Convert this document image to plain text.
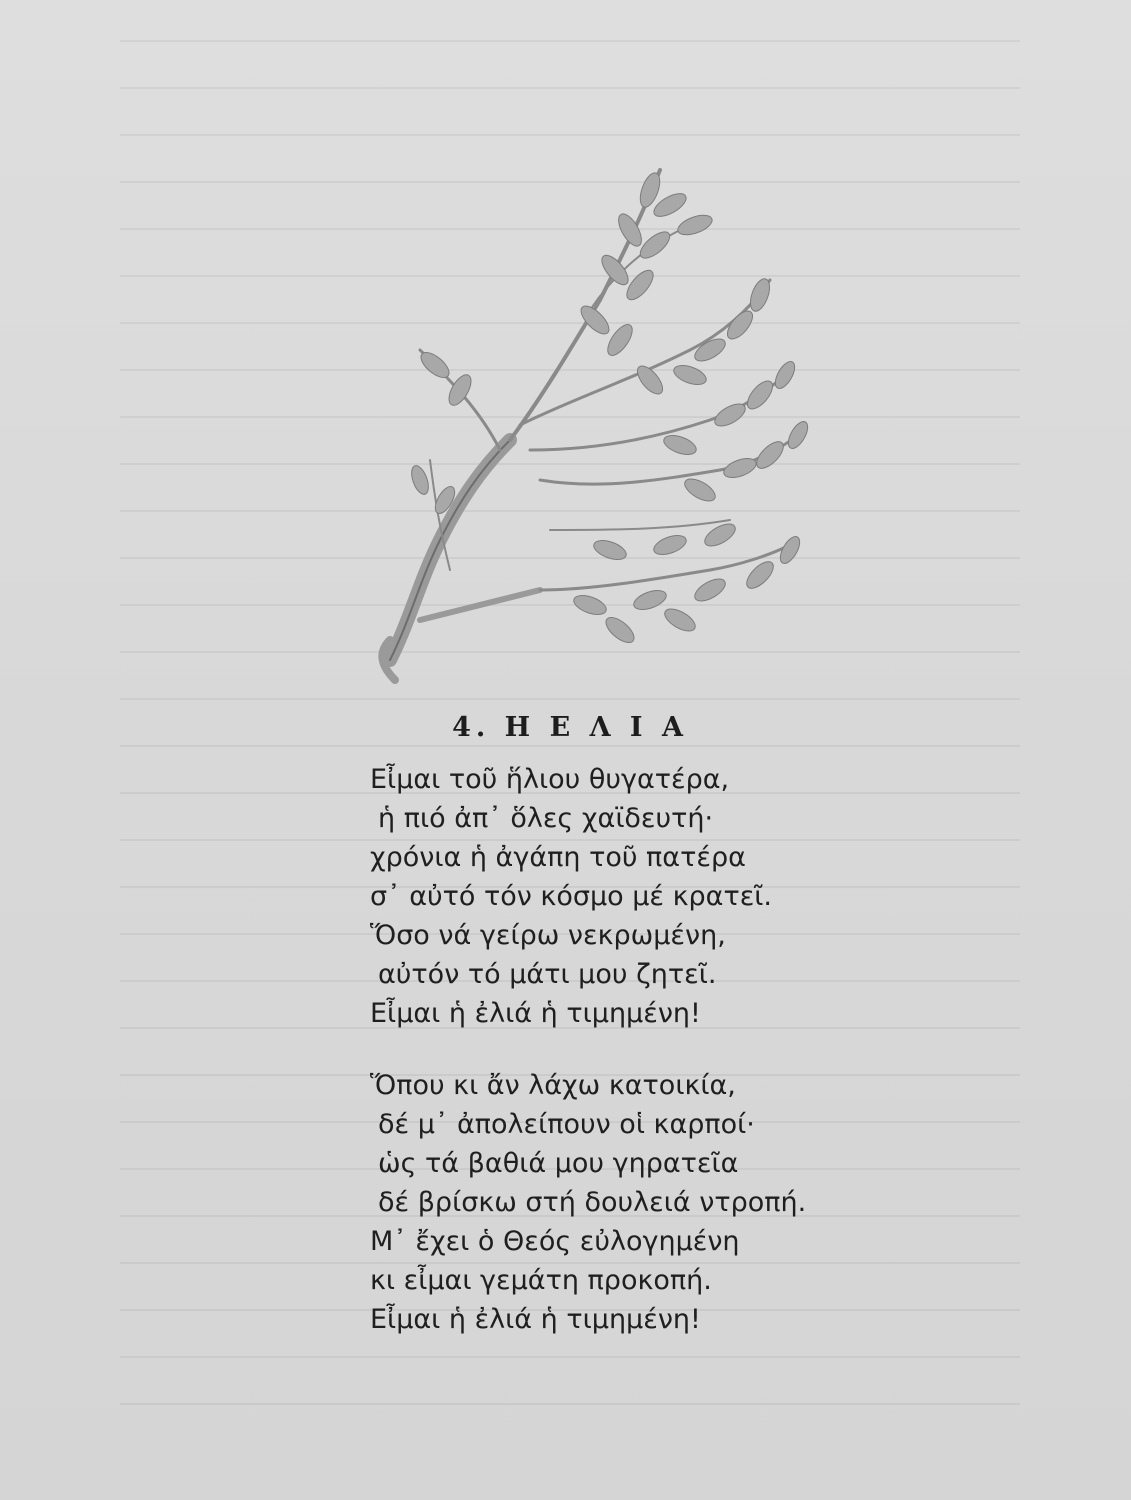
4. Η Ε Λ Ι Α

Εἶμαι τοῦ ἥλιου θυγατέρα,
ἡ πιό ἀπ᾽ ὅλες χαϊδευτή·
χρόνια ἡ ἀγάπη τοῦ πατέρα
σ᾽ αὐτό τόν κόσμο μέ κρατεῖ.
Ὅσο νά γείρω νεκρωμένη,
αὐτόν τό μάτι μου ζητεῖ.
Εἶμαι ἡ ἐλιά ἡ τιμημένη!

Ὅπου κι ἄν λάχω κατοικία,
δέ μ᾽ ἀπολείπουν οἱ καρποί·
ὡς τά βαθιά μου γηρατεῖα
δέ βρίσκω στή δουλειά ντροπή.
Μ᾽ ἔχει ὁ Θεός εὐλογημένη
κι εἶμαι γεμάτη προκοπή.
Εἶμαι ἡ ἐλιά ἡ τιμημένη!
